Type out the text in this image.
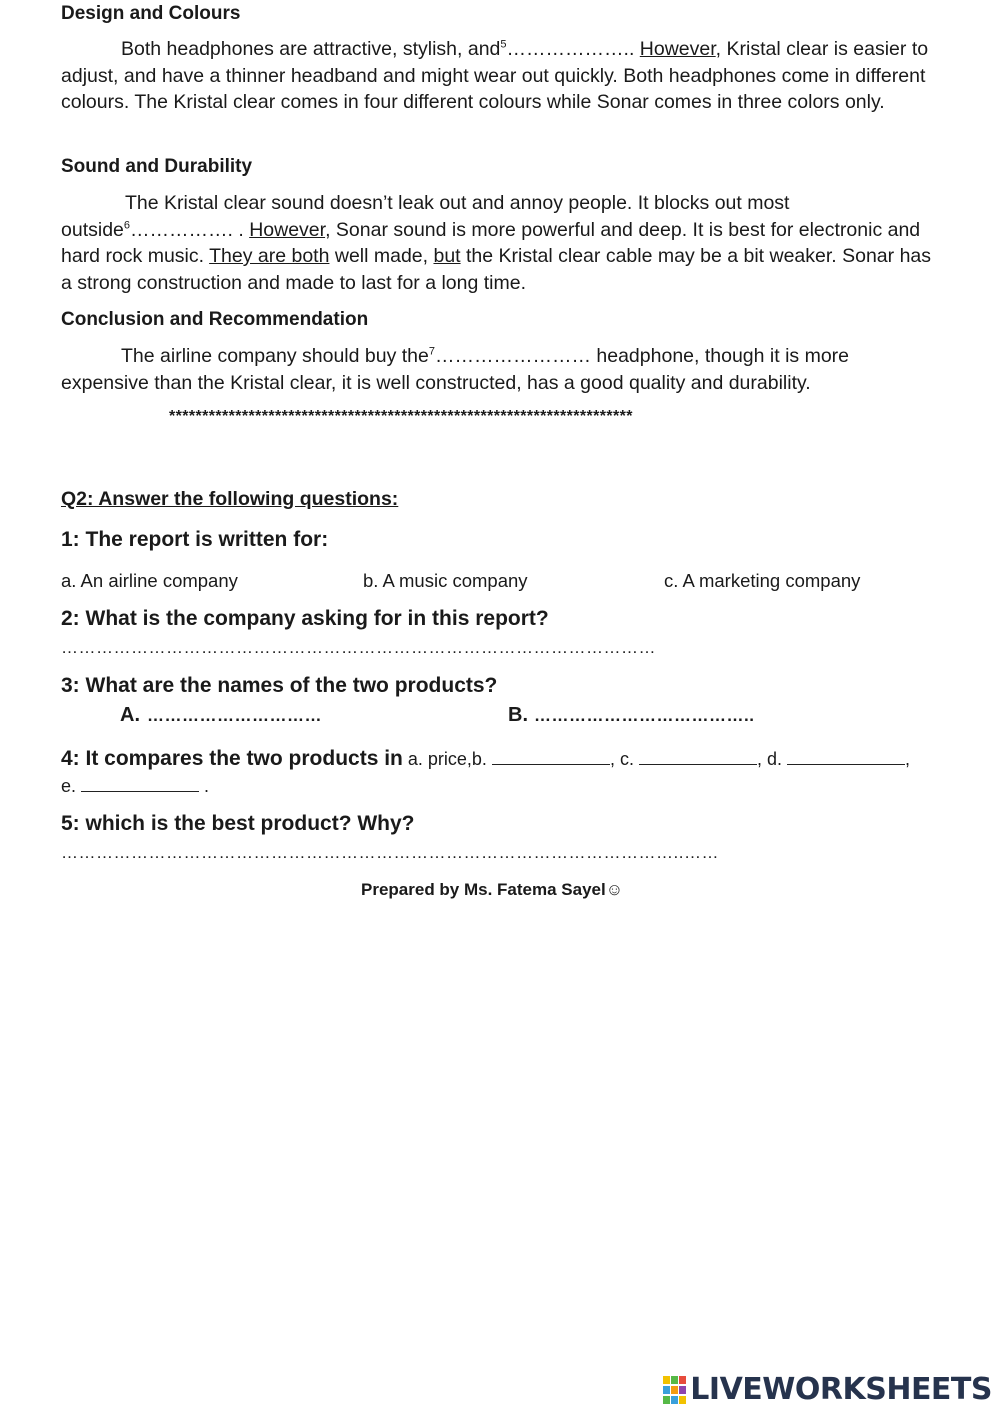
Design and Colours

Both headphones are attractive, stylish, and$^5$……………….. However, Kristal clear is easier to adjust, and have a thinner headband and might wear out quickly. Both headphones come in different colours. The Kristal clear comes in four different colours while Sonar comes in three colors only.

Sound and Durability

The Kristal clear sound doesn’t leak out and annoy people. It blocks out most outside$^6$……………. . However, Sonar sound is more powerful and deep. It is best for electronic and hard rock music. They are both well made, but the Kristal clear cable may be a bit weaker. Sonar has a strong construction and made to last for a long time.

Conclusion and Recommendation

The airline company should buy the$^7$…………………… headphone, though it is more expensive than the Kristal clear, it is well constructed, has a good quality and durability.

**********************************************************************

Q2: Answer the following questions:

1: The report is written for:

a. An airline company	b. A music company	c. A marketing company

2: What is the company asking for in this report?

…………………………………………………………………………………………

3: What are the names of the two products?

A. …………………………	B. ………………………………..
4: It compares the two products in a. price,b.	, c.	, d.	,
e.	.

5: which is the best product? Why?

……………………………………………………………………………………………..……
Prepared by Ms. Fatema Sayel☺
LIVEWORKSHEETS
